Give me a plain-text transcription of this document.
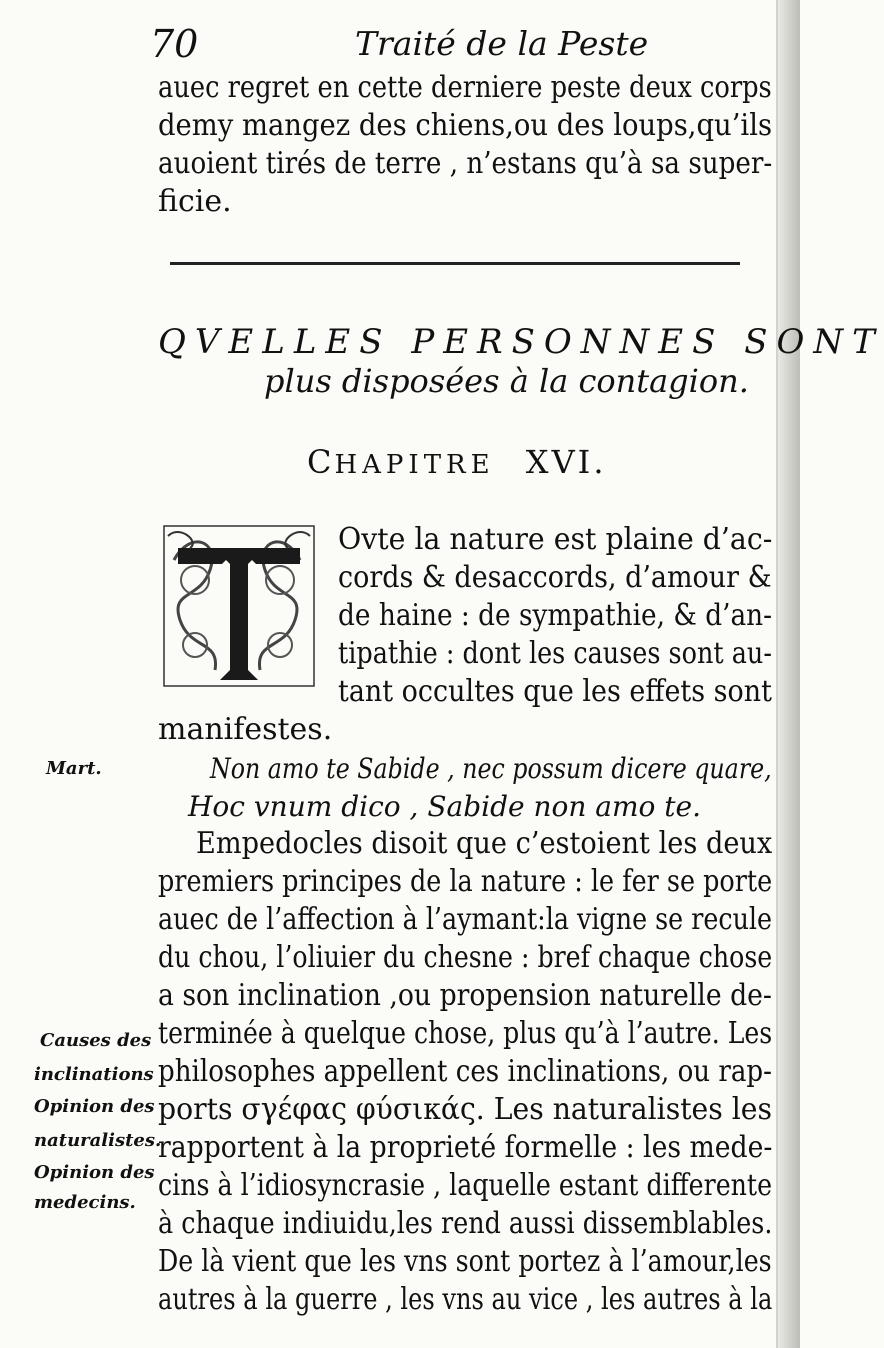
70	Traité de la Peste
auec regret en cette derniere peste deux corps
demy mangez des chiens,ou des loups,qu’ils
auoient tirés de terre , n’estans qu’à sa super-
ficie.
QVELLES PERSONNES SONT
plus disposées à la contagion.
CHAPITRE XVI.
Ovte la nature est plaine d’ac-
cords & desaccords, d’amour &
de haine : de sympathie, & d’an-
tipathie : dont les causes sont au-
tant occultes que les effets sont
manifestes.
Non amo te Sabide , nec possum dicere quare,
Hoc vnum dico , Sabide non amo te.
Empedocles disoit que c’estoient les deux
premiers principes de la nature : le fer se porte
auec de l’affection à l’aymant:la vigne se recule
du chou, l’oliuier du chesne : bref chaque chose
a son inclination ,ou propension naturelle de-
terminée à quelque chose, plus qu’à l’autre. Les
philosophes appellent ces inclinations, ou rap-
ports σγέφας φύσικάς. Les naturalistes les
rapportent à la proprieté formelle : les mede-
cins à l’idiosyncrasie , laquelle estant differente
à chaque indiuidu,les rend aussi dissemblables.
De là vient que les vns sont portez à l’amour,les
autres à la guerre , les vns au vice , les autres à la
Mart.
Causes des
inclinations
Opinion des
naturalistes.
Opinion des
medecins.
